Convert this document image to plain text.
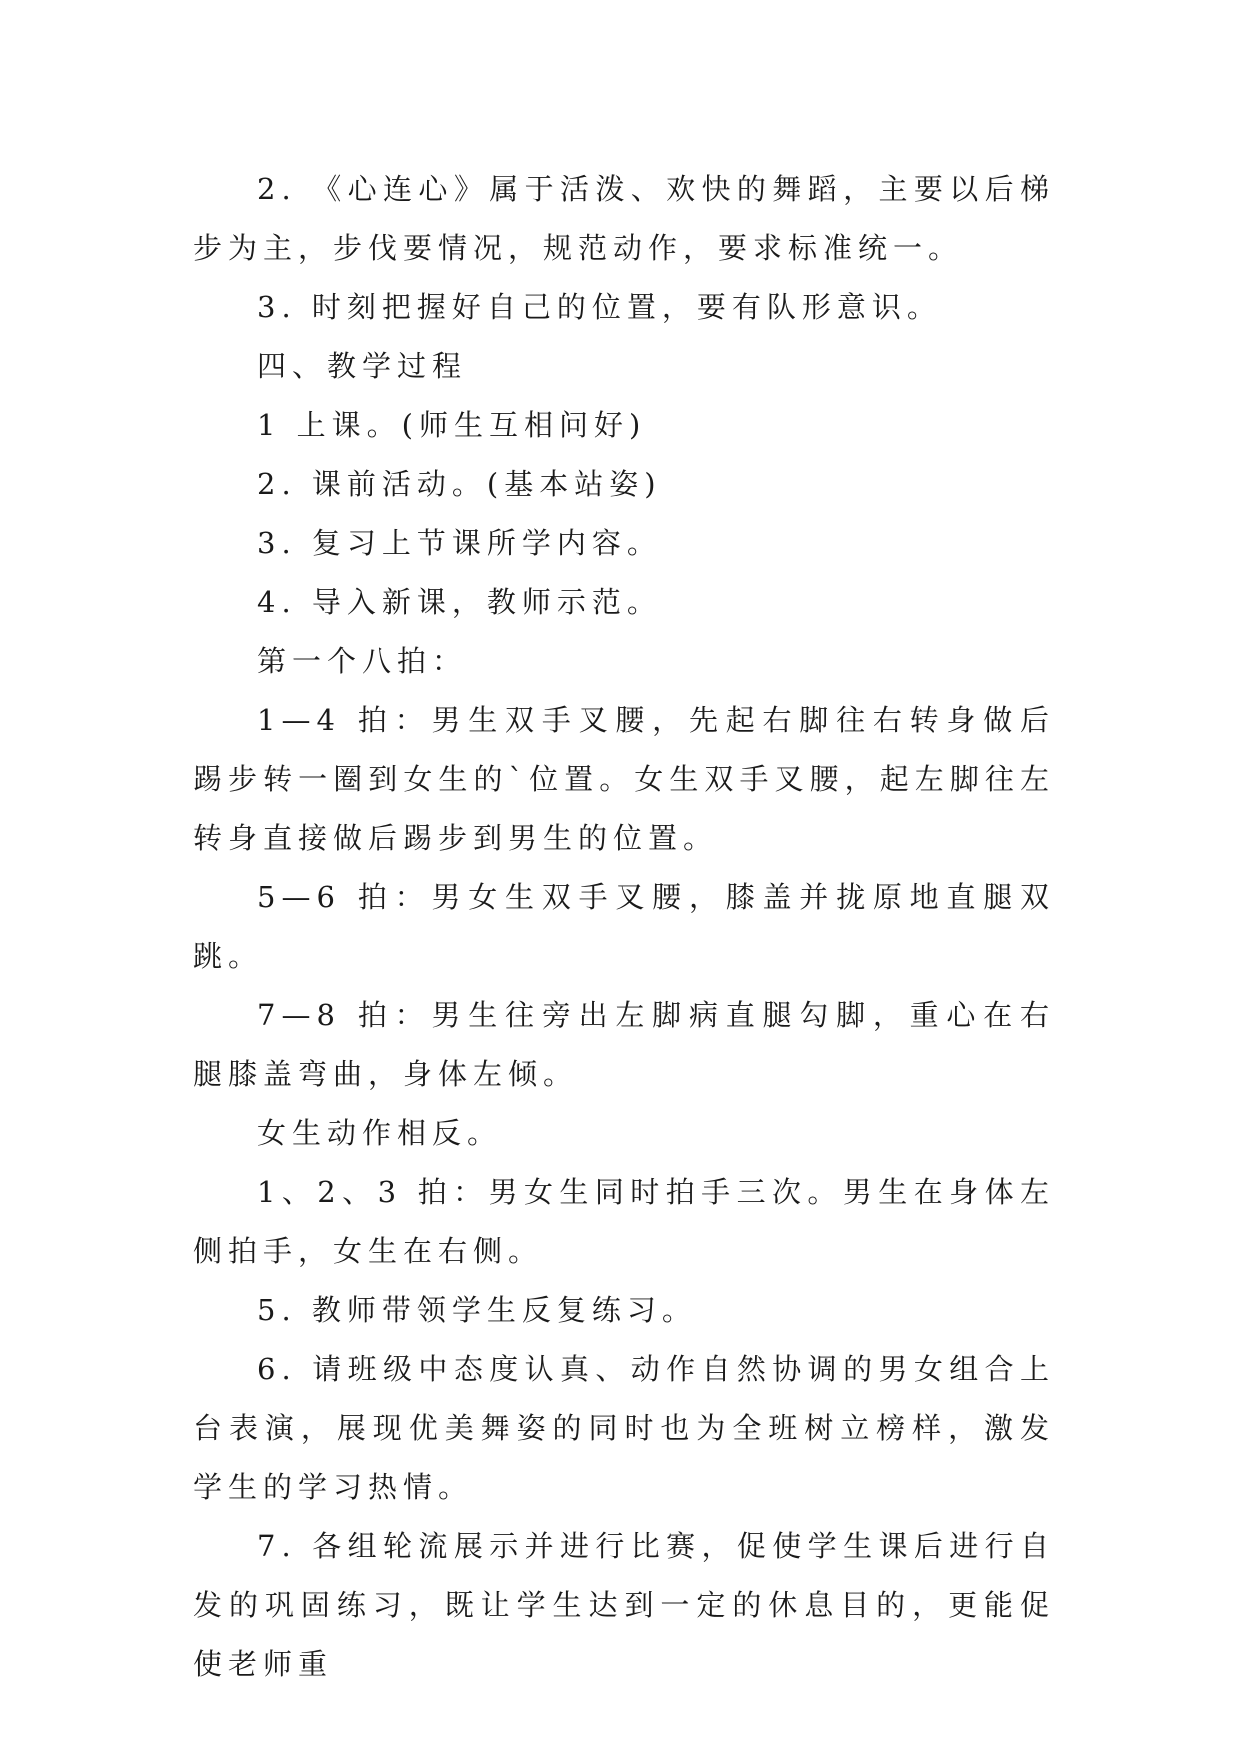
2. 《心连心》属于活泼、欢快的舞蹈，主要以后梯步为主，步伐要情况，规范动作，要求标准统一。

3. 时刻把握好自己的位置，要有队形意识。

四、教学过程

1 上课。(师生互相问好)

2. 课前活动。(基本站姿)

3. 复习上节课所学内容。

4. 导入新课，教师示范。

第一个八拍：

1—4 拍：男生双手叉腰，先起右脚往右转身做后踢步转一圈到女生的`位置。女生双手叉腰，起左脚往左转身直接做后踢步到男生的位置。

5—6 拍：男女生双手叉腰，膝盖并拢原地直腿双跳。

7—8 拍：男生往旁出左脚病直腿勾脚，重心在右腿膝盖弯曲，身体左倾。

女生动作相反。

1、2、3 拍：男女生同时拍手三次。男生在身体左侧拍手，女生在右侧。

5. 教师带领学生反复练习。

6. 请班级中态度认真、动作自然协调的男女组合上台表演，展现优美舞姿的同时也为全班树立榜样，激发学生的学习热情。

7. 各组轮流展示并进行比赛，促使学生课后进行自发的巩固练习，既让学生达到一定的休息目的，更能促使老师重
